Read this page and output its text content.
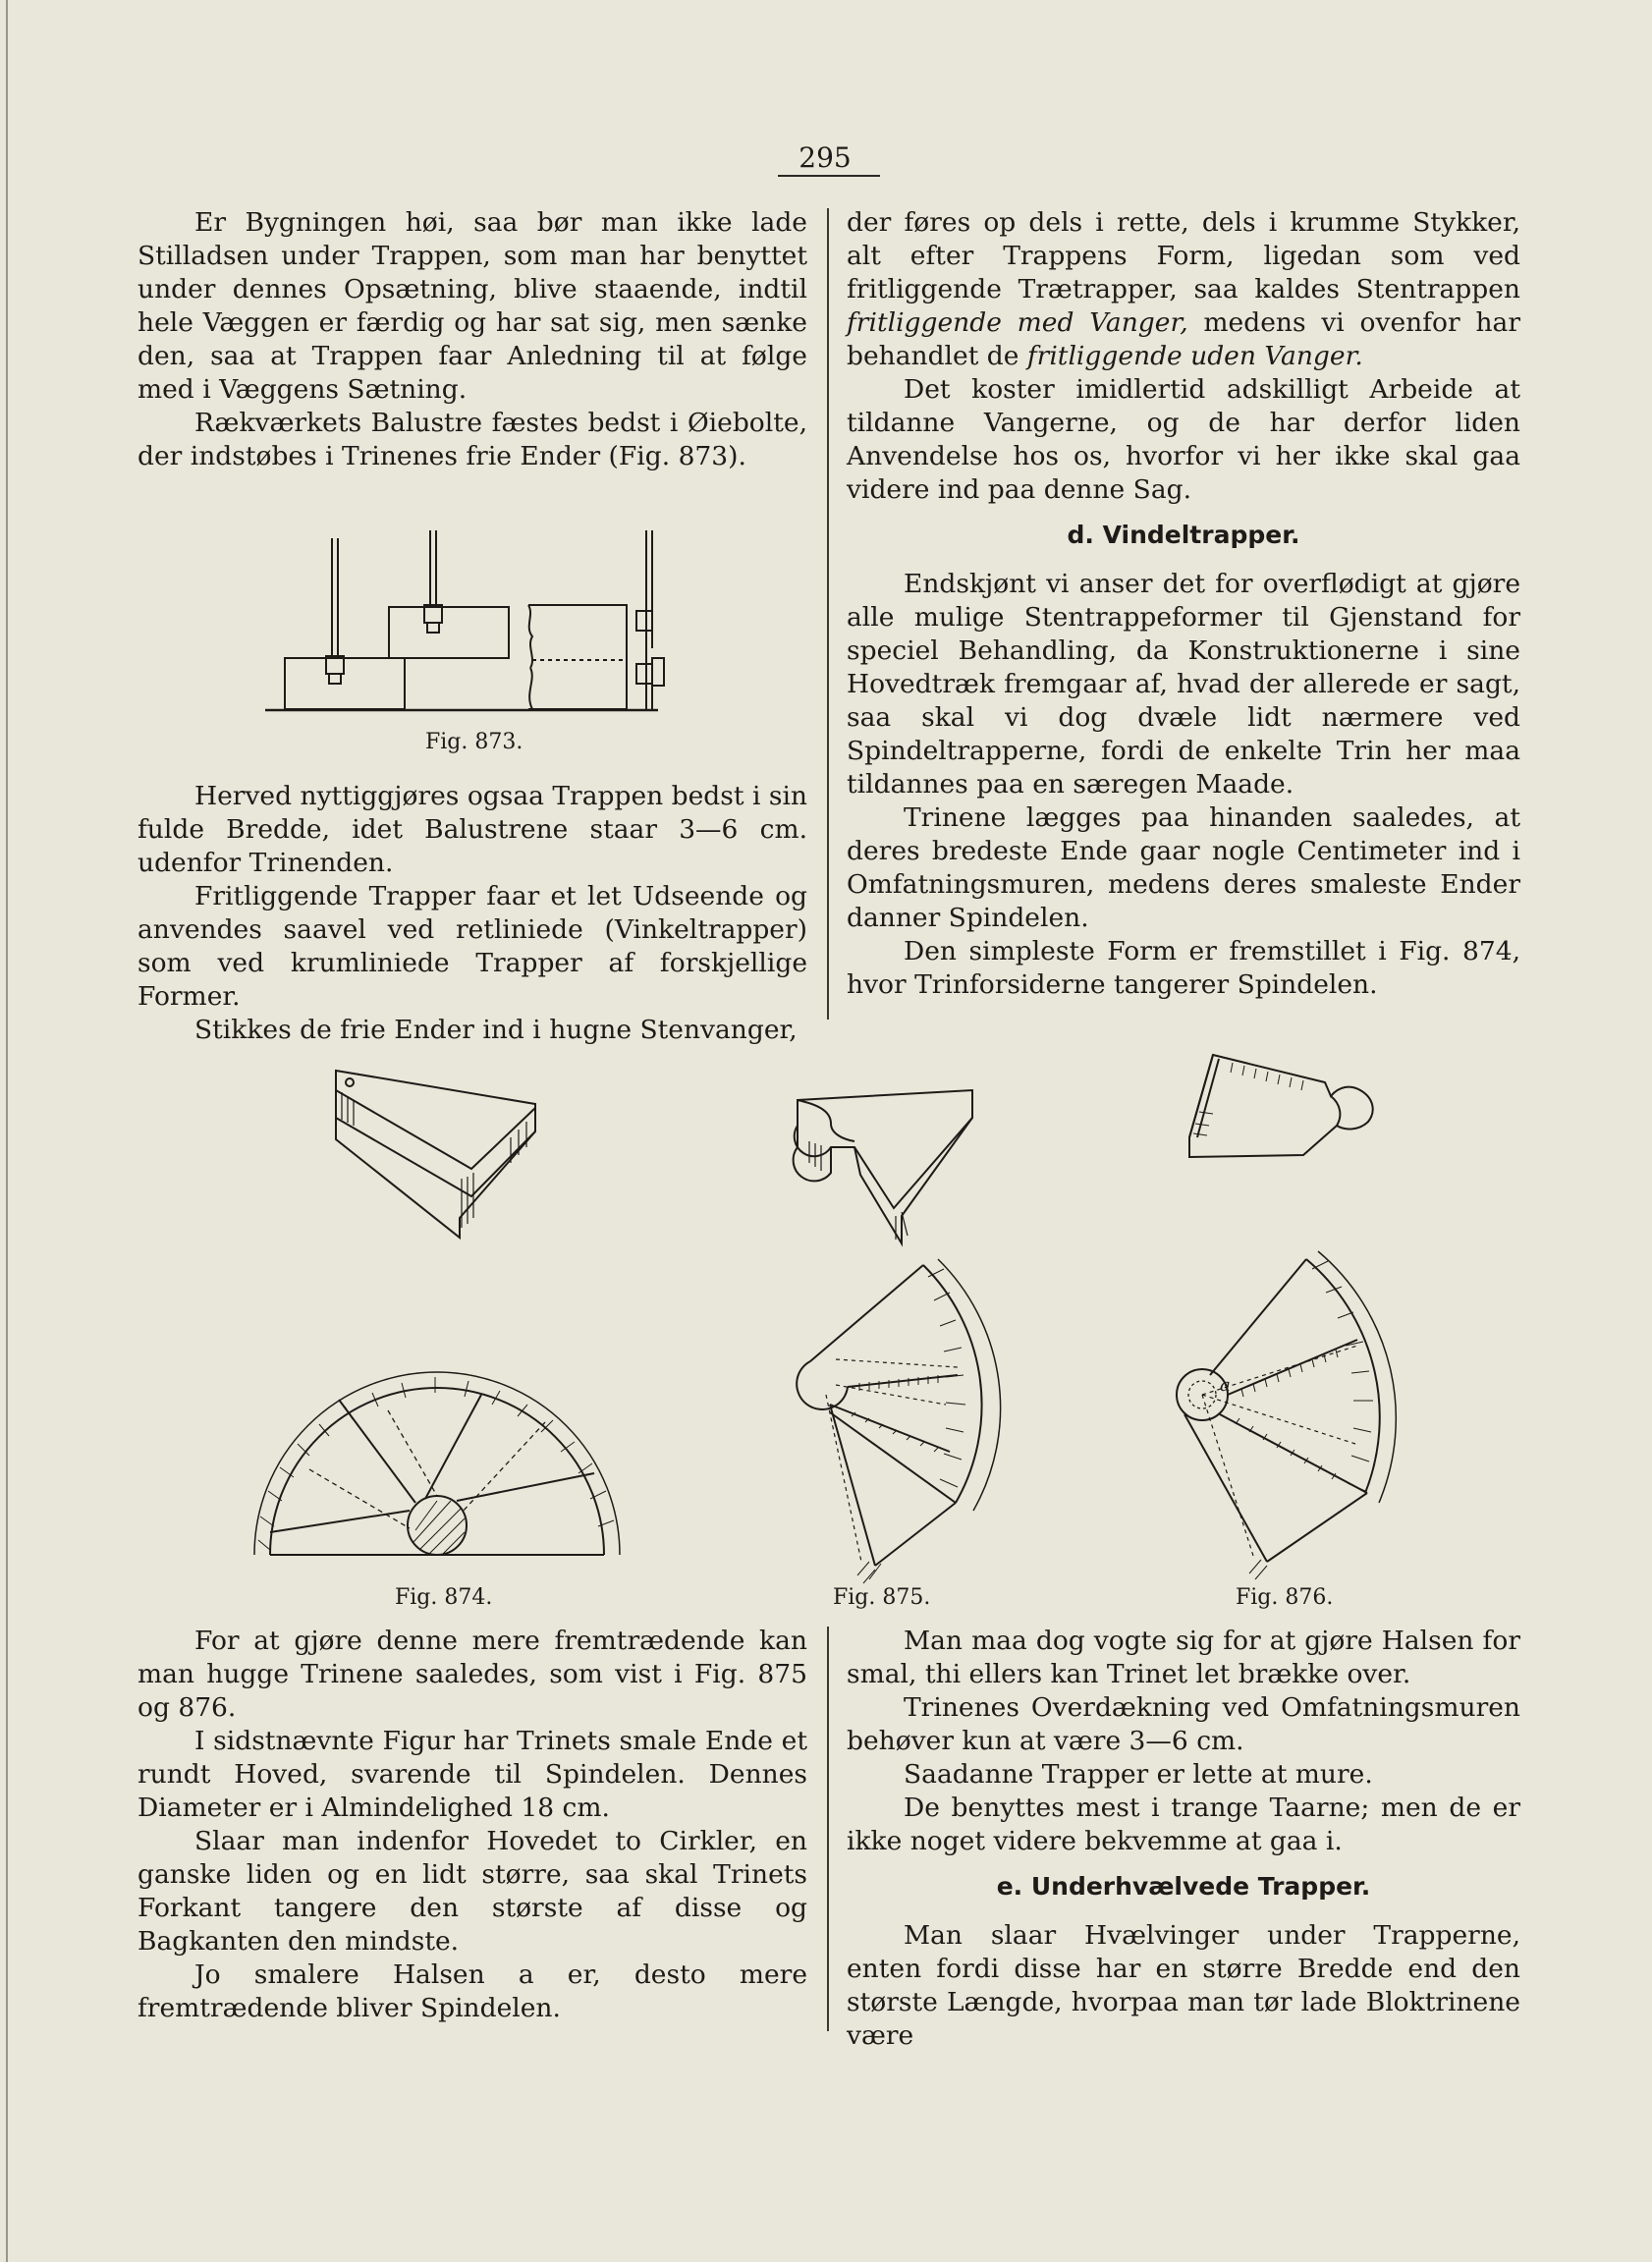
295

Er Bygningen høi, saa bør man ikke lade Stilladsen under Trappen, som man har benyttet under dennes Opsætning, blive staaende, indtil hele Væggen er færdig og har sat sig, men sænke den, saa at Trappen faar Anledning til at følge med i Væggens Sætning.

Rækværkets Balustre fæstes bedst i Øiebolte, der indstøbes i Trinenes frie Ender (Fig. 873).

Fig. 873.

Herved nyttiggjøres ogsaa Trappen bedst i sin fulde Bredde, idet Balustrene staar 3—6 cm. udenfor Trinenden.

Fritliggende Trapper faar et let Udseende og anvendes saavel ved retliniede (Vinkeltrapper) som ved krumliniede Trapper af forskjellige Former.

Stikkes de frie Ender ind i hugne Stenvanger,

der føres op dels i rette, dels i krumme Stykker, alt efter Trappens Form, ligedan som ved fritliggende Trætrapper, saa kaldes Stentrappen fritliggende med Vanger, medens vi ovenfor har behandlet de fritliggende uden Vanger.

Det koster imidlertid adskilligt Arbeide at tildanne Vangerne, og de har derfor liden Anvendelse hos os, hvorfor vi her ikke skal gaa videre ind paa denne Sag.

d. Vindeltrapper.

Endskjønt vi anser det for overflødigt at gjøre alle mulige Stentrappeformer til Gjenstand for speciel Behandling, da Konstruktionerne i sine Hovedtræk fremgaar af, hvad der allerede er sagt, saa skal vi dog dvæle lidt nærmere ved Spindeltrapperne, fordi de enkelte Trin her maa tildannes paa en særegen Maade.

Trinene lægges paa hinanden saaledes, at deres bredeste Ende gaar nogle Centimeter ind i Omfatningsmuren, medens deres smaleste Ender danner Spindelen.

Den simpleste Form er fremstillet i Fig. 874, hvor Trinforsiderne tangerer Spindelen.

Fig. 874.	Fig. 875.
a
Fig. 876.

For at gjøre denne mere fremtrædende kan man hugge Trinene saaledes, som vist i Fig. 875 og 876.

I sidstnævnte Figur har Trinets smale Ende et rundt Hoved, svarende til Spindelen. Dennes Diameter er i Almindelighed 18 cm.

Slaar man indenfor Hovedet to Cirkler, en ganske liden og en lidt større, saa skal Trinets Forkant tangere den største af disse og Bagkanten den mindste.

Jo smalere Halsen a er, desto mere fremtrædende bliver Spindelen.

Man maa dog vogte sig for at gjøre Halsen for smal, thi ellers kan Trinet let brække over.

Trinenes Overdækning ved Omfatningsmuren behøver kun at være 3—6 cm.

Saadanne Trapper er lette at mure.

De benyttes mest i trange Taarne; men de er ikke noget videre bekvemme at gaa i.

e. Underhvælvede Trapper.

Man slaar Hvælvinger under Trapperne, enten fordi disse har en større Bredde end den største Længde, hvorpaa man tør lade Bloktrinene være
